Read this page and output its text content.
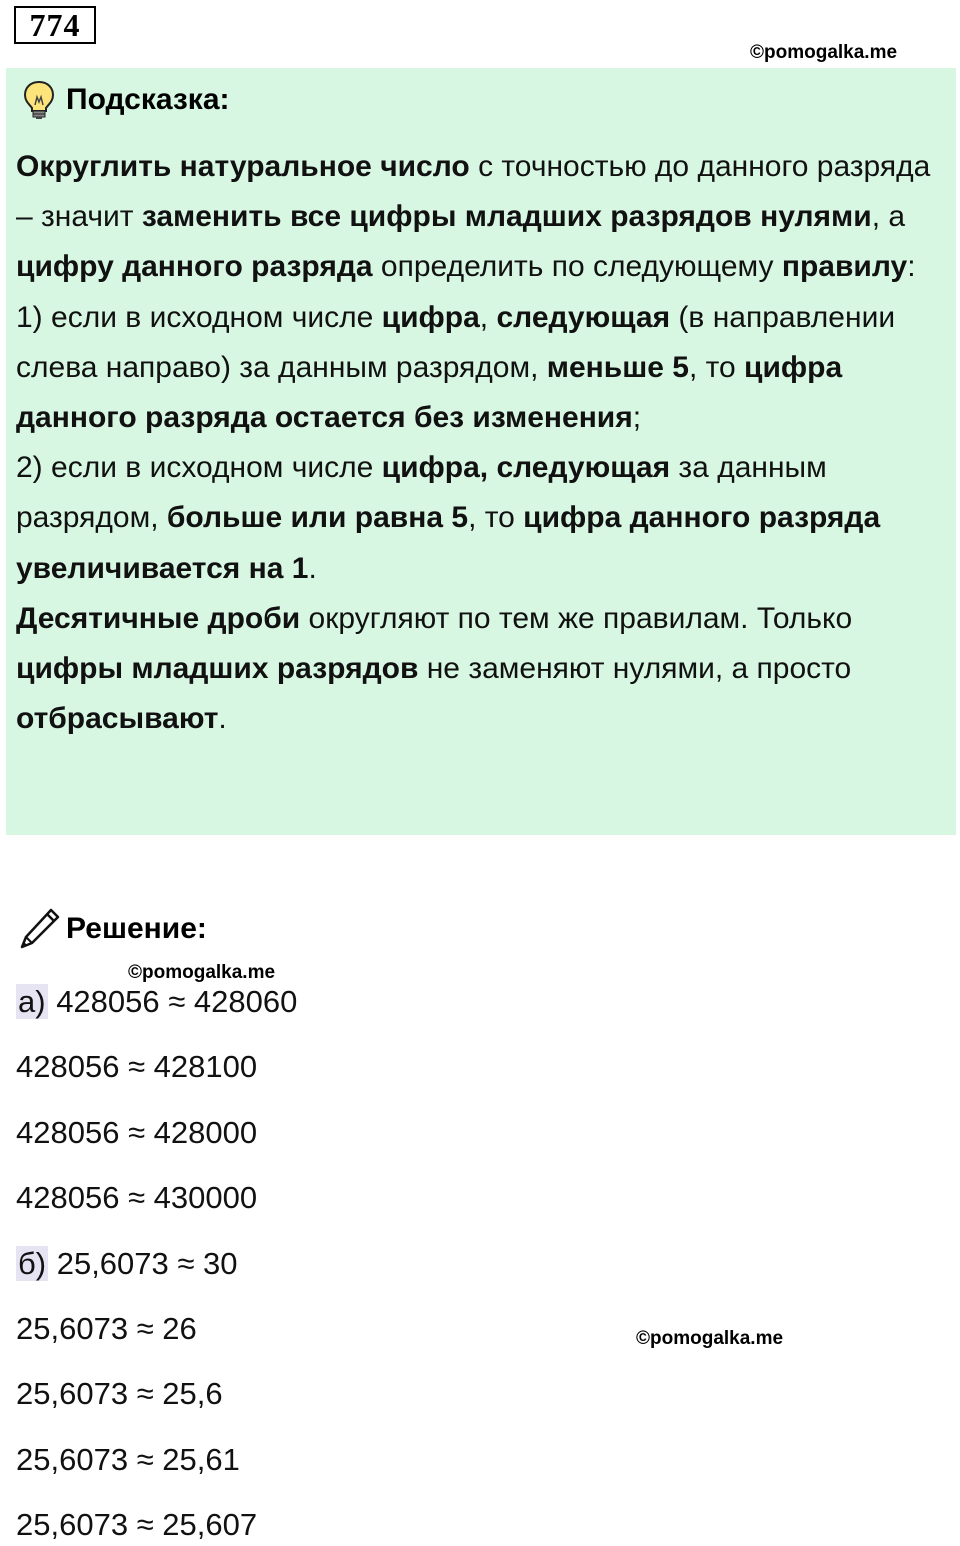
774
©pomogalka.me
Подсказка:
Округлить натуральное число с точностью до данного разряда – значит заменить все цифры младших разрядов нулями, а цифру данного разряда определить по следующему правилу:
1) если в исходном числе цифра, следующая (в направлении слева направо) за данным разрядом, меньше 5, то цифра данного разряда остается без изменения;
2) если в исходном числе цифра, следующая за данным разрядом, больше или равна 5, то цифра данного разряда увеличивается на 1.
Десятичные дроби округляют по тем же правилам. Только цифры младших разрядов не заменяют нулями, а просто отбрасывают.
Решение:
©pomogalka.me
а) 428056 ≈ 428060
428056 ≈ 428100
428056 ≈ 428000
428056 ≈ 430000
б) 25,6073 ≈ 30
25,6073 ≈ 26
25,6073 ≈ 25,6
25,6073 ≈ 25,61
25,6073 ≈ 25,607
©pomogalka.me
